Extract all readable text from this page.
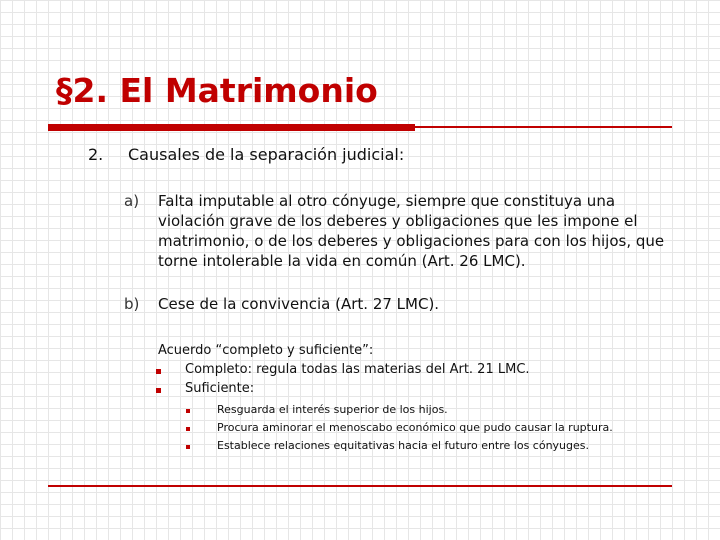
§2. El Matrimonio
2. Causales de la separación judicial:
a) Falta imputable al otro cónyuge, siempre que constituya una violación grave de los deberes y obligaciones que les impone el matrimonio, o de los deberes y obligaciones para con los hijos, que torne intolerable la vida en común (Art. 26 LMC).
b) Cese de la convivencia (Art. 27 LMC).
Acuerdo “completo y suficiente”:
Completo: regula todas las materias del Art. 21 LMC.
Suficiente:
Resguarda el interés superior de los hijos.
Procura aminorar el menoscabo económico que pudo causar la ruptura.
Establece relaciones equitativas hacia el futuro entre los cónyuges.
